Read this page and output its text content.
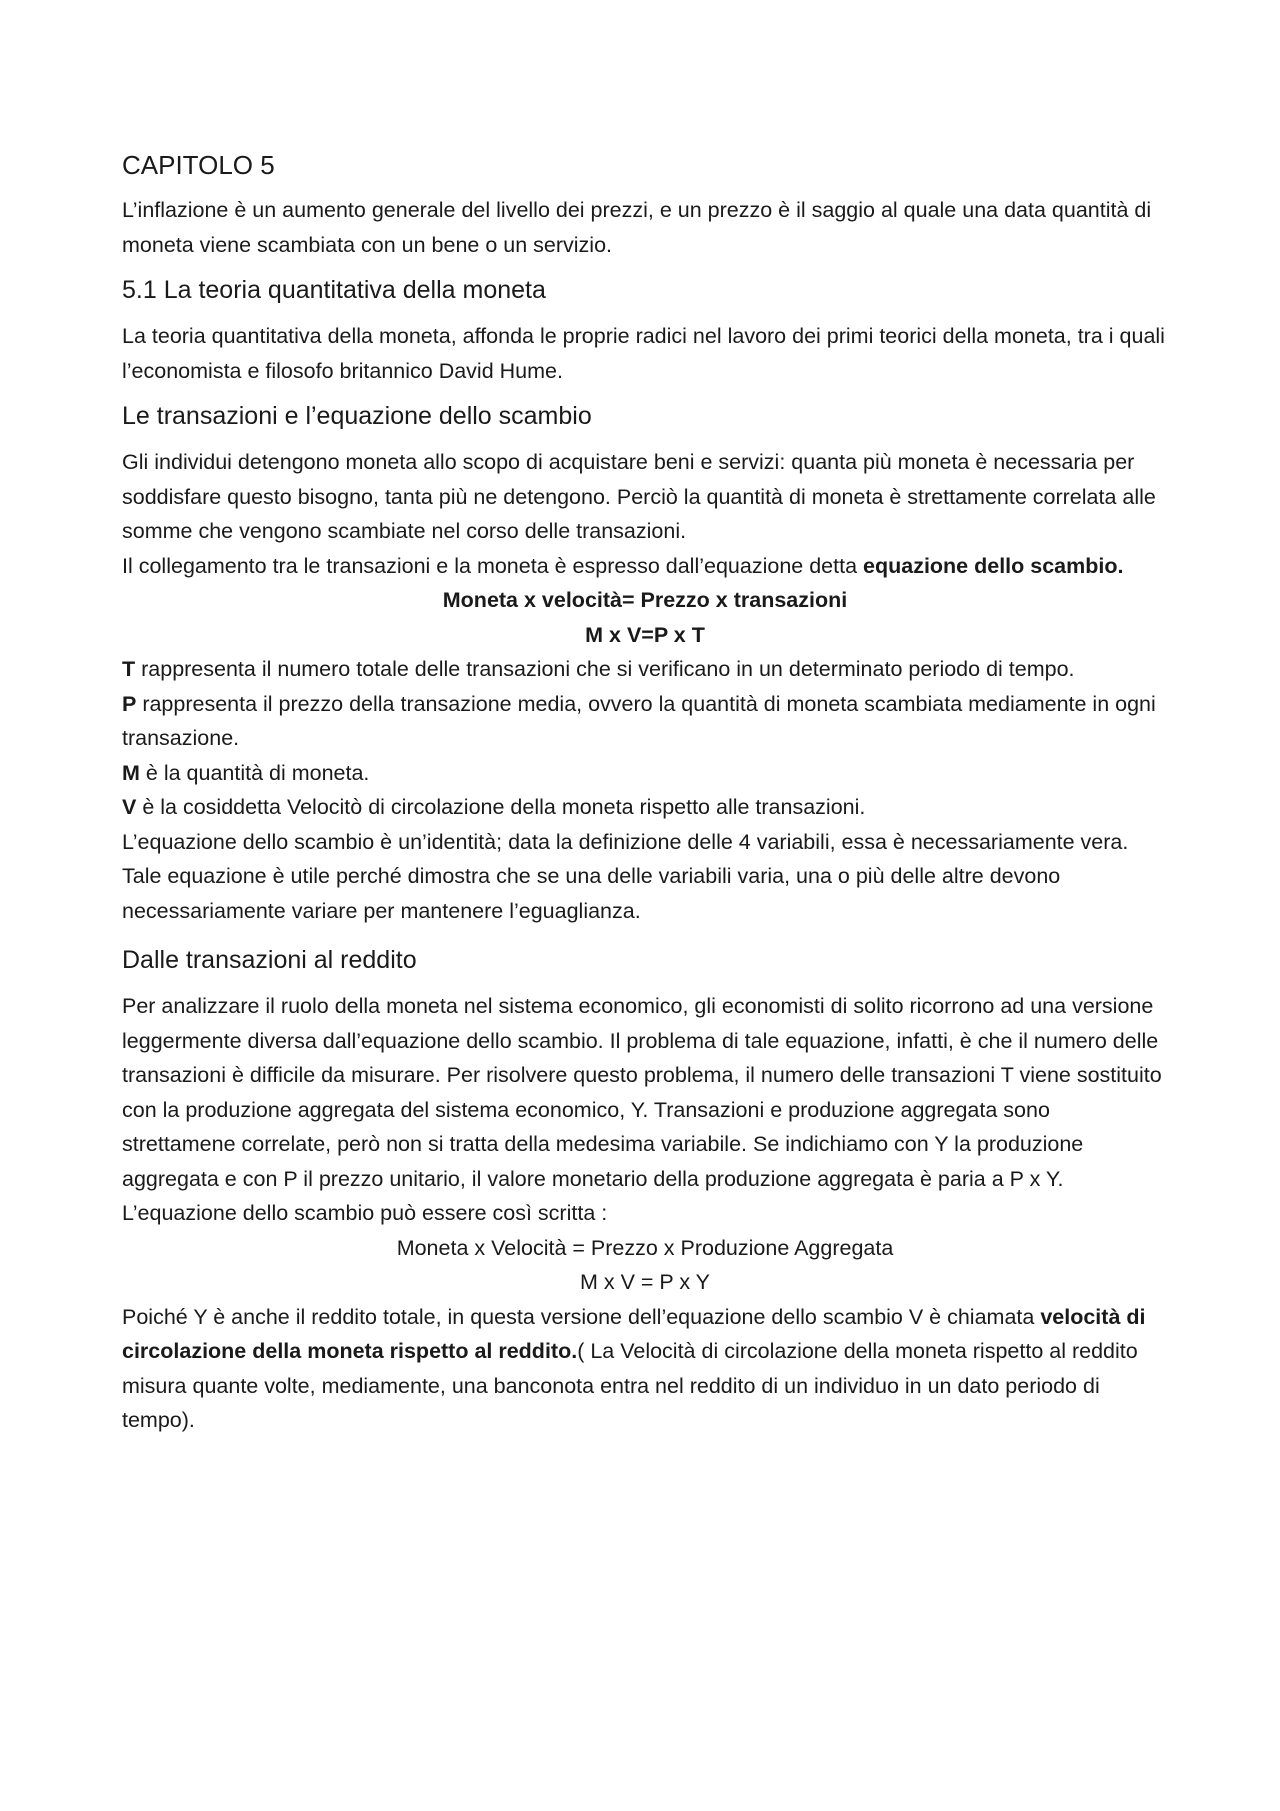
CAPITOLO 5

L’inflazione è un aumento generale del livello dei prezzi, e un prezzo è il saggio al quale una data quantità di moneta viene scambiata con un bene o un servizio.

5.1 La teoria quantitativa della moneta

La teoria quantitativa della moneta, affonda le proprie radici nel lavoro dei primi teorici della moneta, tra i quali l’economista e filosofo britannico David Hume.

Le transazioni e l’equazione dello scambio
Gli individui detengono moneta allo scopo di acquistare beni e servizi: quanta più moneta è necessaria per soddisfare questo bisogno, tanta più ne detengono. Perciò la quantità di moneta è strettamente correlata alle somme che vengono scambiate nel corso delle transazioni.
Il collegamento tra le transazioni e la moneta è espresso dall’equazione detta equazione dello scambio.
Moneta x velocità= Prezzo x transazioni
M x V=P x T
T rappresenta il numero totale delle transazioni che si verificano in un determinato periodo di tempo.
P rappresenta il prezzo della transazione media, ovvero la quantità di moneta scambiata mediamente in ogni transazione.
M è la quantità di moneta.
V è la cosiddetta Velocitò di circolazione della moneta rispetto alle transazioni.
L’equazione dello scambio è un’identità; data la definizione delle 4 variabili, essa è necessariamente vera. Tale equazione è utile perché dimostra che se una delle variabili varia, una o più delle altre devono necessariamente variare per mantenere l’eguaglianza.
Dalle transazioni al reddito
Per analizzare il ruolo della moneta nel sistema economico, gli economisti di solito ricorrono ad una versione leggermente diversa dall’equazione dello scambio. Il problema di tale equazione, infatti, è che il numero delle transazioni è difficile da misurare. Per risolvere questo problema, il numero delle transazioni T viene sostituito con la produzione aggregata del sistema economico, Y. Transazioni e produzione aggregata sono strettamene correlate, però non si tratta della medesima variabile. Se indichiamo con Y la produzione aggregata e con P il prezzo unitario, il valore monetario della produzione aggregata è paria a P x Y. L’equazione dello scambio può essere così scritta :
Moneta x Velocità = Prezzo x Produzione Aggregata
M x V = P x Y
Poiché Y è anche il reddito totale, in questa versione dell’equazione dello scambio V è chiamata velocità di circolazione della moneta rispetto al reddito.( La Velocità di circolazione della moneta rispetto al reddito misura quante volte, mediamente, una banconota entra nel reddito di un individuo in un dato periodo di tempo).
